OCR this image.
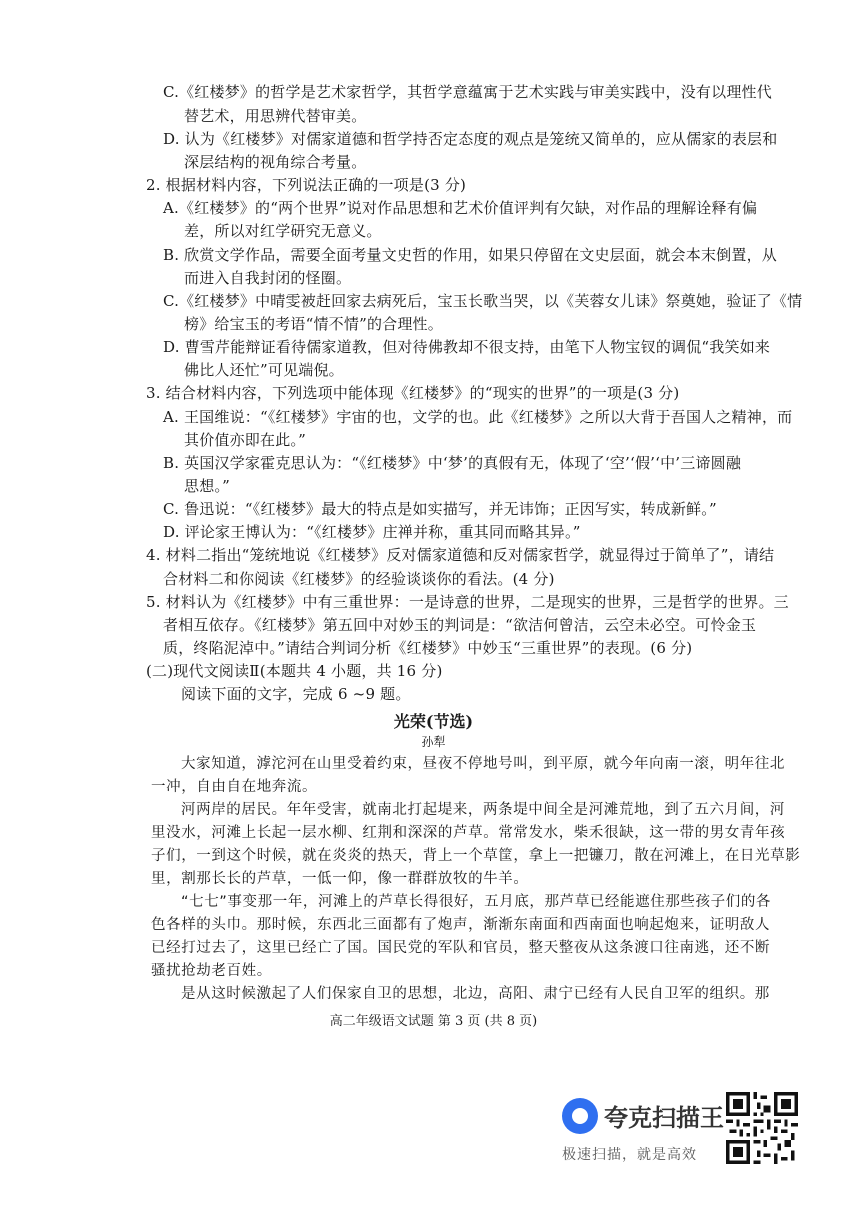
C.《红楼梦》的哲学是艺术家哲学，其哲学意蕴寓于艺术实践与审美实践中，没有以理性代
替艺术，用思辨代替审美。
D. 认为《红楼梦》对儒家道德和哲学持否定态度的观点是笼统又简单的，应从儒家的表层和
深层结构的视角综合考量。
2. 根据材料内容，下列说法正确的一项是(3 分)
A.《红楼梦》的“两个世界”说对作品思想和艺术价值评判有欠缺，对作品的理解诠释有偏
差，所以对红学研究无意义。
B. 欣赏文学作品，需要全面考量文史哲的作用，如果只停留在文史层面，就会本末倒置，从
而进入自我封闭的怪圈。
C.《红楼梦》中晴雯被赶回家去病死后，宝玉长歌当哭，以《芙蓉女儿诔》祭奠她，验证了《情
榜》给宝玉的考语“情不情”的合理性。
D. 曹雪芹能辩证看待儒家道教，但对待佛教却不很支持，由笔下人物宝钗的调侃“我笑如来
佛比人还忙”可见端倪。
3. 结合材料内容，下列选项中能体现《红楼梦》的“现实的世界”的一项是(3 分)
A. 王国维说：“《红楼梦》宇宙的也，文学的也。此《红楼梦》之所以大背于吾国人之精神，而
其价值亦即在此。”
B. 英国汉学家霍克思认为：“《红楼梦》中‘梦’的真假有无，体现了‘空’‘假’‘中’三谛圆融
思想。”
C. 鲁迅说：“《红楼梦》最大的特点是如实描写，并无讳饰；正因写实，转成新鲜。”
D. 评论家王博认为：“《红楼梦》庄禅并称，重其同而略其异。”
4. 材料二指出“笼统地说《红楼梦》反对儒家道德和反对儒家哲学，就显得过于简单了”，请结
合材料二和你阅读《红楼梦》的经验谈谈你的看法。(4 分)
5. 材料认为《红楼梦》中有三重世界：一是诗意的世界，二是现实的世界，三是哲学的世界。三
者相互依存。《红楼梦》第五回中对妙玉的判词是：“欲洁何曾洁，云空未必空。可怜金玉
质，终陷泥淖中。”请结合判词分析《红楼梦》中妙玉“三重世界”的表现。(6 分)
(二)现代文阅读Ⅱ(本题共 4 小题，共 16 分)
阅读下面的文字，完成 6 ~9 题。
光荣(节选)
孙犁
大家知道，滹沱河在山里受着约束，昼夜不停地号叫，到平原，就今年向南一滚，明年往北
一冲，自由自在地奔流。
河两岸的居民。年年受害，就南北打起堤来，两条堤中间全是河滩荒地，到了五六月间，河
里没水，河滩上长起一层水柳、红荆和深深的芦草。常常发水，柴禾很缺，这一带的男女青年孩
子们，一到这个时候，就在炎炎的热天，背上一个草筐，拿上一把镰刀，散在河滩上，在日光草影
里，割那长长的芦草，一低一仰，像一群群放牧的牛羊。
“七七”事变那一年，河滩上的芦草长得很好，五月底，那芦草已经能遮住那些孩子们的各
色各样的头巾。那时候，东西北三面都有了炮声，渐渐东南面和西南面也响起炮来，证明敌人
已经打过去了，这里已经亡了国。国民党的军队和官员，整天整夜从这条渡口往南逃，还不断
骚扰抢劫老百姓。
是从这时候激起了人们保家自卫的思想，北边，高阳、肃宁已经有人民自卫军的组织。那
高二年级语文试题 第 3 页 (共 8 页)
夸克扫描王
极速扫描，就是高效
